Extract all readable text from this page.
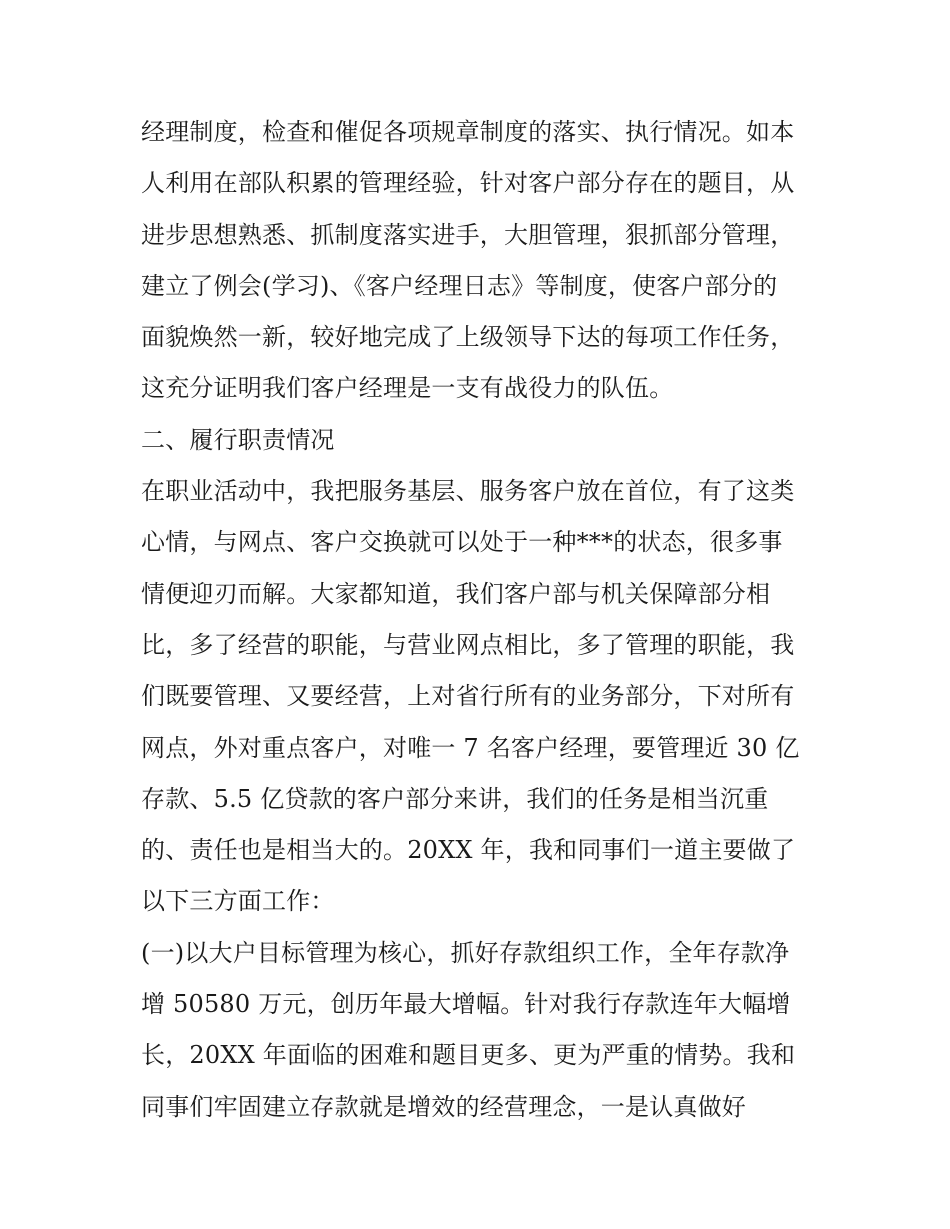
经理制度，检查和催促各项规章制度的落实、执行情况。如本
人利用在部队积累的管理经验，针对客户部分存在的题目，从
进步思想熟悉、抓制度落实进手，大胆管理，狠抓部分管理，
建立了例会(学习)、《客户经理日志》等制度，使客户部分的
面貌焕然一新，较好地完成了上级领导下达的每项工作任务，
这充分证明我们客户经理是一支有战役力的队伍。
二、履行职责情况
在职业活动中，我把服务基层、服务客户放在首位，有了这类
心情，与网点、客户交换就可以处于一种***的状态，很多事
情便迎刃而解。大家都知道，我们客户部与机关保障部分相
比，多了经营的职能，与营业网点相比，多了管理的职能，我
们既要管理、又要经营，上对省行所有的业务部分，下对所有
网点，外对重点客户，对唯一 7 名客户经理，要管理近 30 亿
存款、5.5 亿贷款的客户部分来讲，我们的任务是相当沉重
的、责任也是相当大的。20XX 年，我和同事们一道主要做了
以下三方面工作：
(一)以大户目标管理为核心，抓好存款组织工作，全年存款净
增 50580 万元，创历年最大增幅。针对我行存款连年大幅增
长，20XX 年面临的困难和题目更多、更为严重的情势。我和
同事们牢固建立存款就是增效的经营理念，一是认真做好
